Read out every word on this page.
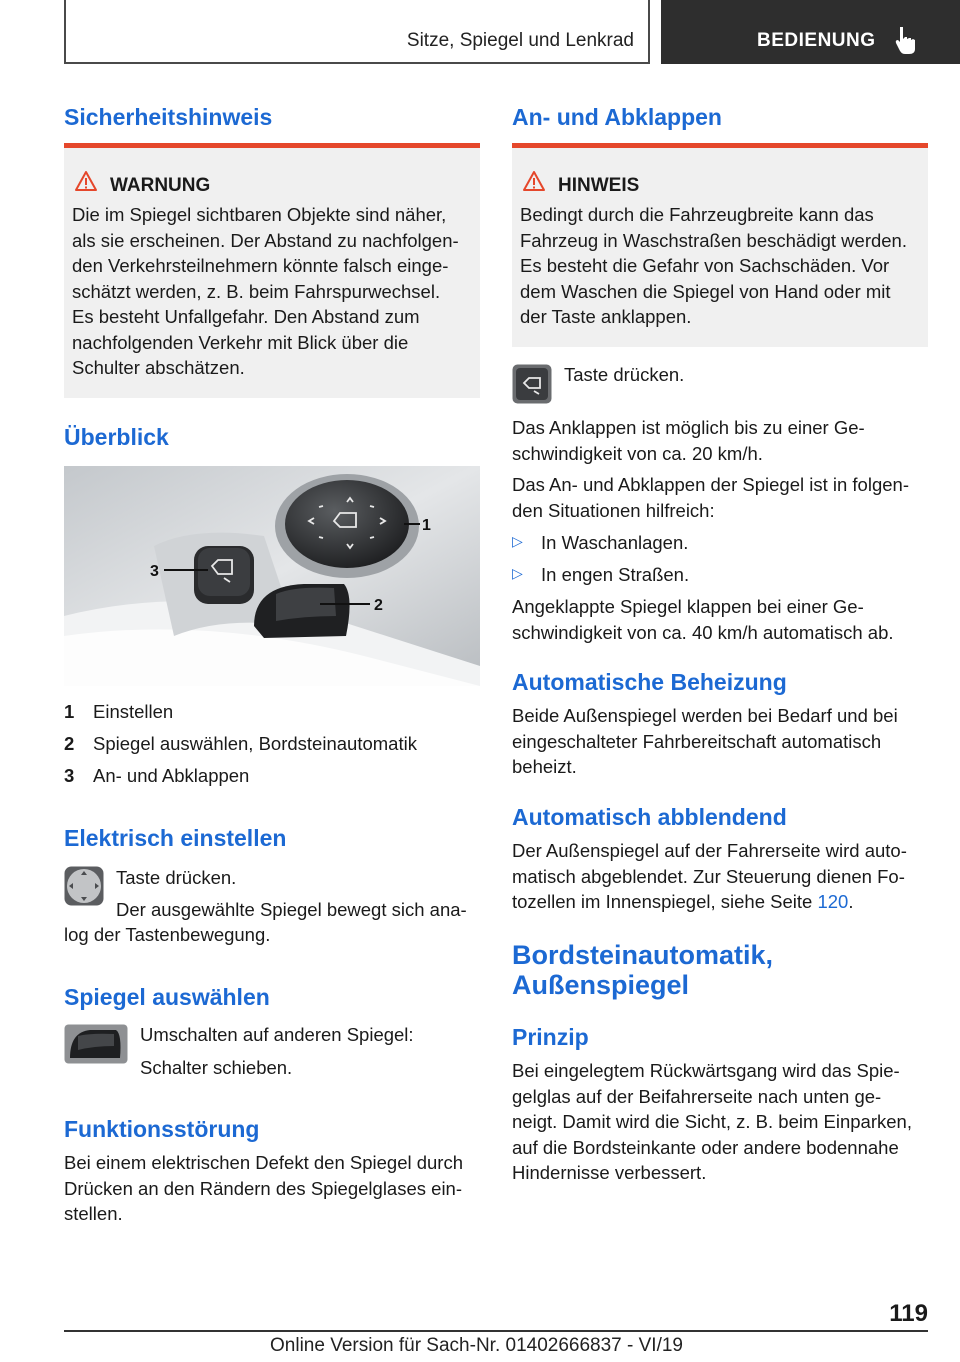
Sitze, Spiegel und Lenkrad	BEDIENUNG
Sicherheitshinweis
WARNUNG
Die im Spiegel sichtbaren Objekte sind näher,
als sie erscheinen. Der Abstand zu nachfolgen-
den Verkehrsteilnehmern könnte falsch einge-
schätzt werden, z. B. beim Fahrspurwechsel.
Es besteht Unfallgefahr. Den Abstand zum
nachfolgenden Verkehr mit Blick über die
Schulter abschätzen.
Überblick
1
2
3
1 Einstellen
2 Spiegel auswählen, Bordsteinautomatik
3 An- und Abklappen
Elektrisch einstellen
Taste drücken.
Der ausgewählte Spiegel bewegt sich ana-
log der Tastenbewegung.
Spiegel auswählen
Umschalten auf anderen Spiegel:
Schalter schieben.
Funktionsstörung
Bei einem elektrischen Defekt den Spiegel durch
Drücken an den Rändern des Spiegelglases ein-
stellen.
An- und Abklappen
HINWEIS
Bedingt durch die Fahrzeugbreite kann das
Fahrzeug in Waschstraßen beschädigt werden.
Es besteht die Gefahr von Sachschäden. Vor
dem Waschen die Spiegel von Hand oder mit
der Taste anklappen.
Taste drücken.
Das Anklappen ist möglich bis zu einer Ge-
schwindigkeit von ca. 20 km/h.
Das An- und Abklappen der Spiegel ist in folgen-
den Situationen hilfreich:
▷ In Waschanlagen.
▷ In engen Straßen.
Angeklappte Spiegel klappen bei einer Ge-
schwindigkeit von ca. 40 km/h automatisch ab.
Automatische Beheizung
Beide Außenspiegel werden bei Bedarf und bei
eingeschalteter Fahrbereitschaft automatisch
beheizt.
Automatisch abblendend
Der Außenspiegel auf der Fahrerseite wird auto-
matisch abgeblendet. Zur Steuerung dienen Fo-
tozellen im Innenspiegel, siehe Seite 120.
Bordsteinautomatik,
Außenspiegel
Prinzip
Bei eingelegtem Rückwärtsgang wird das Spie-
gelglas auf der Beifahrerseite nach unten ge-
neigt. Damit wird die Sicht, z. B. beim Einparken,
auf die Bordsteinkante oder andere bodennahe
Hindernisse verbessert.
119
Online Version für Sach-Nr. 01402666837 - VI/19
